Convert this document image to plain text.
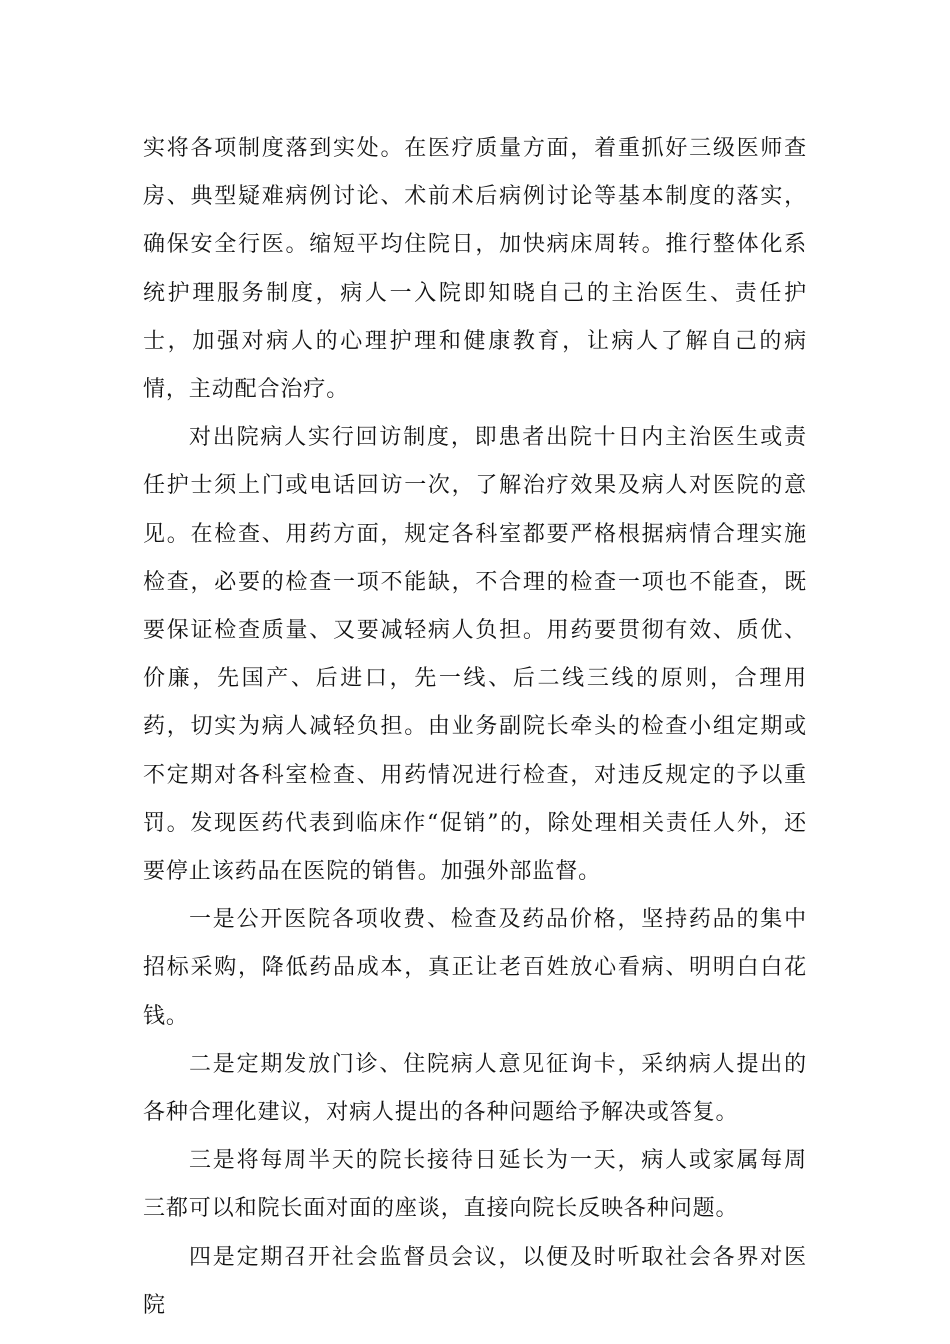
实将各项制度落到实处。在医疗质量方面，着重抓好三级医师查房、典型疑难病例讨论、术前术后病例讨论等基本制度的落实，确保安全行医。缩短平均住院日，加快病床周转。推行整体化系统护理服务制度，病人一入院即知晓自己的主治医生、责任护士，加强对病人的心理护理和健康教育，让病人了解自己的病情，主动配合治疗。

对出院病人实行回访制度，即患者出院十日内主治医生或责任护士须上门或电话回访一次，了解治疗效果及病人对医院的意见。在检查、用药方面，规定各科室都要严格根据病情合理实施检查，必要的检查一项不能缺，不合理的检查一项也不能查，既要保证检查质量、又要减轻病人负担。用药要贯彻有效、质优、价廉，先国产、后进口，先一线、后二线三线的原则，合理用药，切实为病人减轻负担。由业务副院长牵头的检查小组定期或不定期对各科室检查、用药情况进行检查，对违反规定的予以重罚。发现医药代表到临床作“促销”的，除处理相关责任人外，还要停止该药品在医院的销售。加强外部监督。

一是公开医院各项收费、检查及药品价格，坚持药品的集中招标采购，降低药品成本，真正让老百姓放心看病、明明白白花钱。

二是定期发放门诊、住院病人意见征询卡，采纳病人提出的各种合理化建议，对病人提出的各种问题给予解决或答复。

三是将每周半天的院长接待日延长为一天，病人或家属每周三都可以和院长面对面的座谈，直接向院长反映各种问题。

四是定期召开社会监督员会议，以便及时听取社会各界对医院
